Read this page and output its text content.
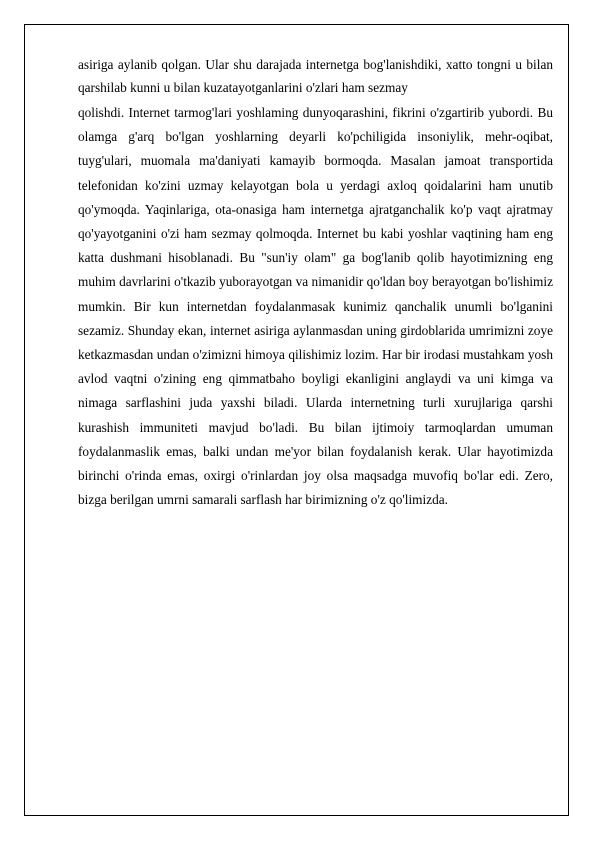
asiriga aylanib qolgan. Ular shu darajada internetga bog'lanishdiki, xatto tongni u bilan qarshilab kunni u bilan kuzatayotganlarini o'zlari ham sezmay

qolishdi. Internet tarmog'lari yoshlaming dunyoqarashini, fikrini o'zgartirib yubordi. Bu olamga g'arq bo'lgan yoshlarning deyarli ko'pchiligida insoniylik, mehr-oqibat, tuyg'ulari, muomala ma'daniyati kamayib bormoqda. Masalan jamoat transportida telefonidan ko'zini uzmay kelayotgan bola u yerdagi axloq qoidalarini ham unutib qo'ymoqda. Yaqinlariga, ota-onasiga ham internetga ajratganchalik ko'p vaqt ajratmay qo'yayotganini o'zi ham sezmay qolmoqda. Internet bu kabi yoshlar vaqtining ham eng katta dushmani hisoblanadi. Bu "sun'iy olam" ga bog'lanib qolib hayotimizning eng muhim davrlarini o'tkazib yuborayotgan va nimanidir qo'ldan boy berayotgan bo'lishimiz mumkin. Bir kun internetdan foydalanmasak kunimiz qanchalik unumli bo'lganini sezamiz. Shunday ekan, internet asiriga aylanmasdan uning girdoblarida umrimizni zoye ketkazmasdan undan o'zimizni himoya qilishimiz lozim. Har bir irodasi mustahkam yosh avlod vaqtni o'zining eng qimmatbaho boyligi ekanligini anglaydi va uni kimga va nimaga sarflashini juda yaxshi biladi. Ularda internetning turli xurujlariga qarshi kurashish immuniteti mavjud bo'ladi. Bu bilan ijtimoiy tarmoqlardan umuman foydalanmaslik emas, balki undan me'yor bilan foydalanish kerak. Ular hayotimizda birinchi o'rinda emas, oxirgi o'rinlardan joy olsa maqsadga muvofiq bo'lar edi. Zero, bizga berilgan umrni samarali sarflash har birimizning o'z qo'limizda.
